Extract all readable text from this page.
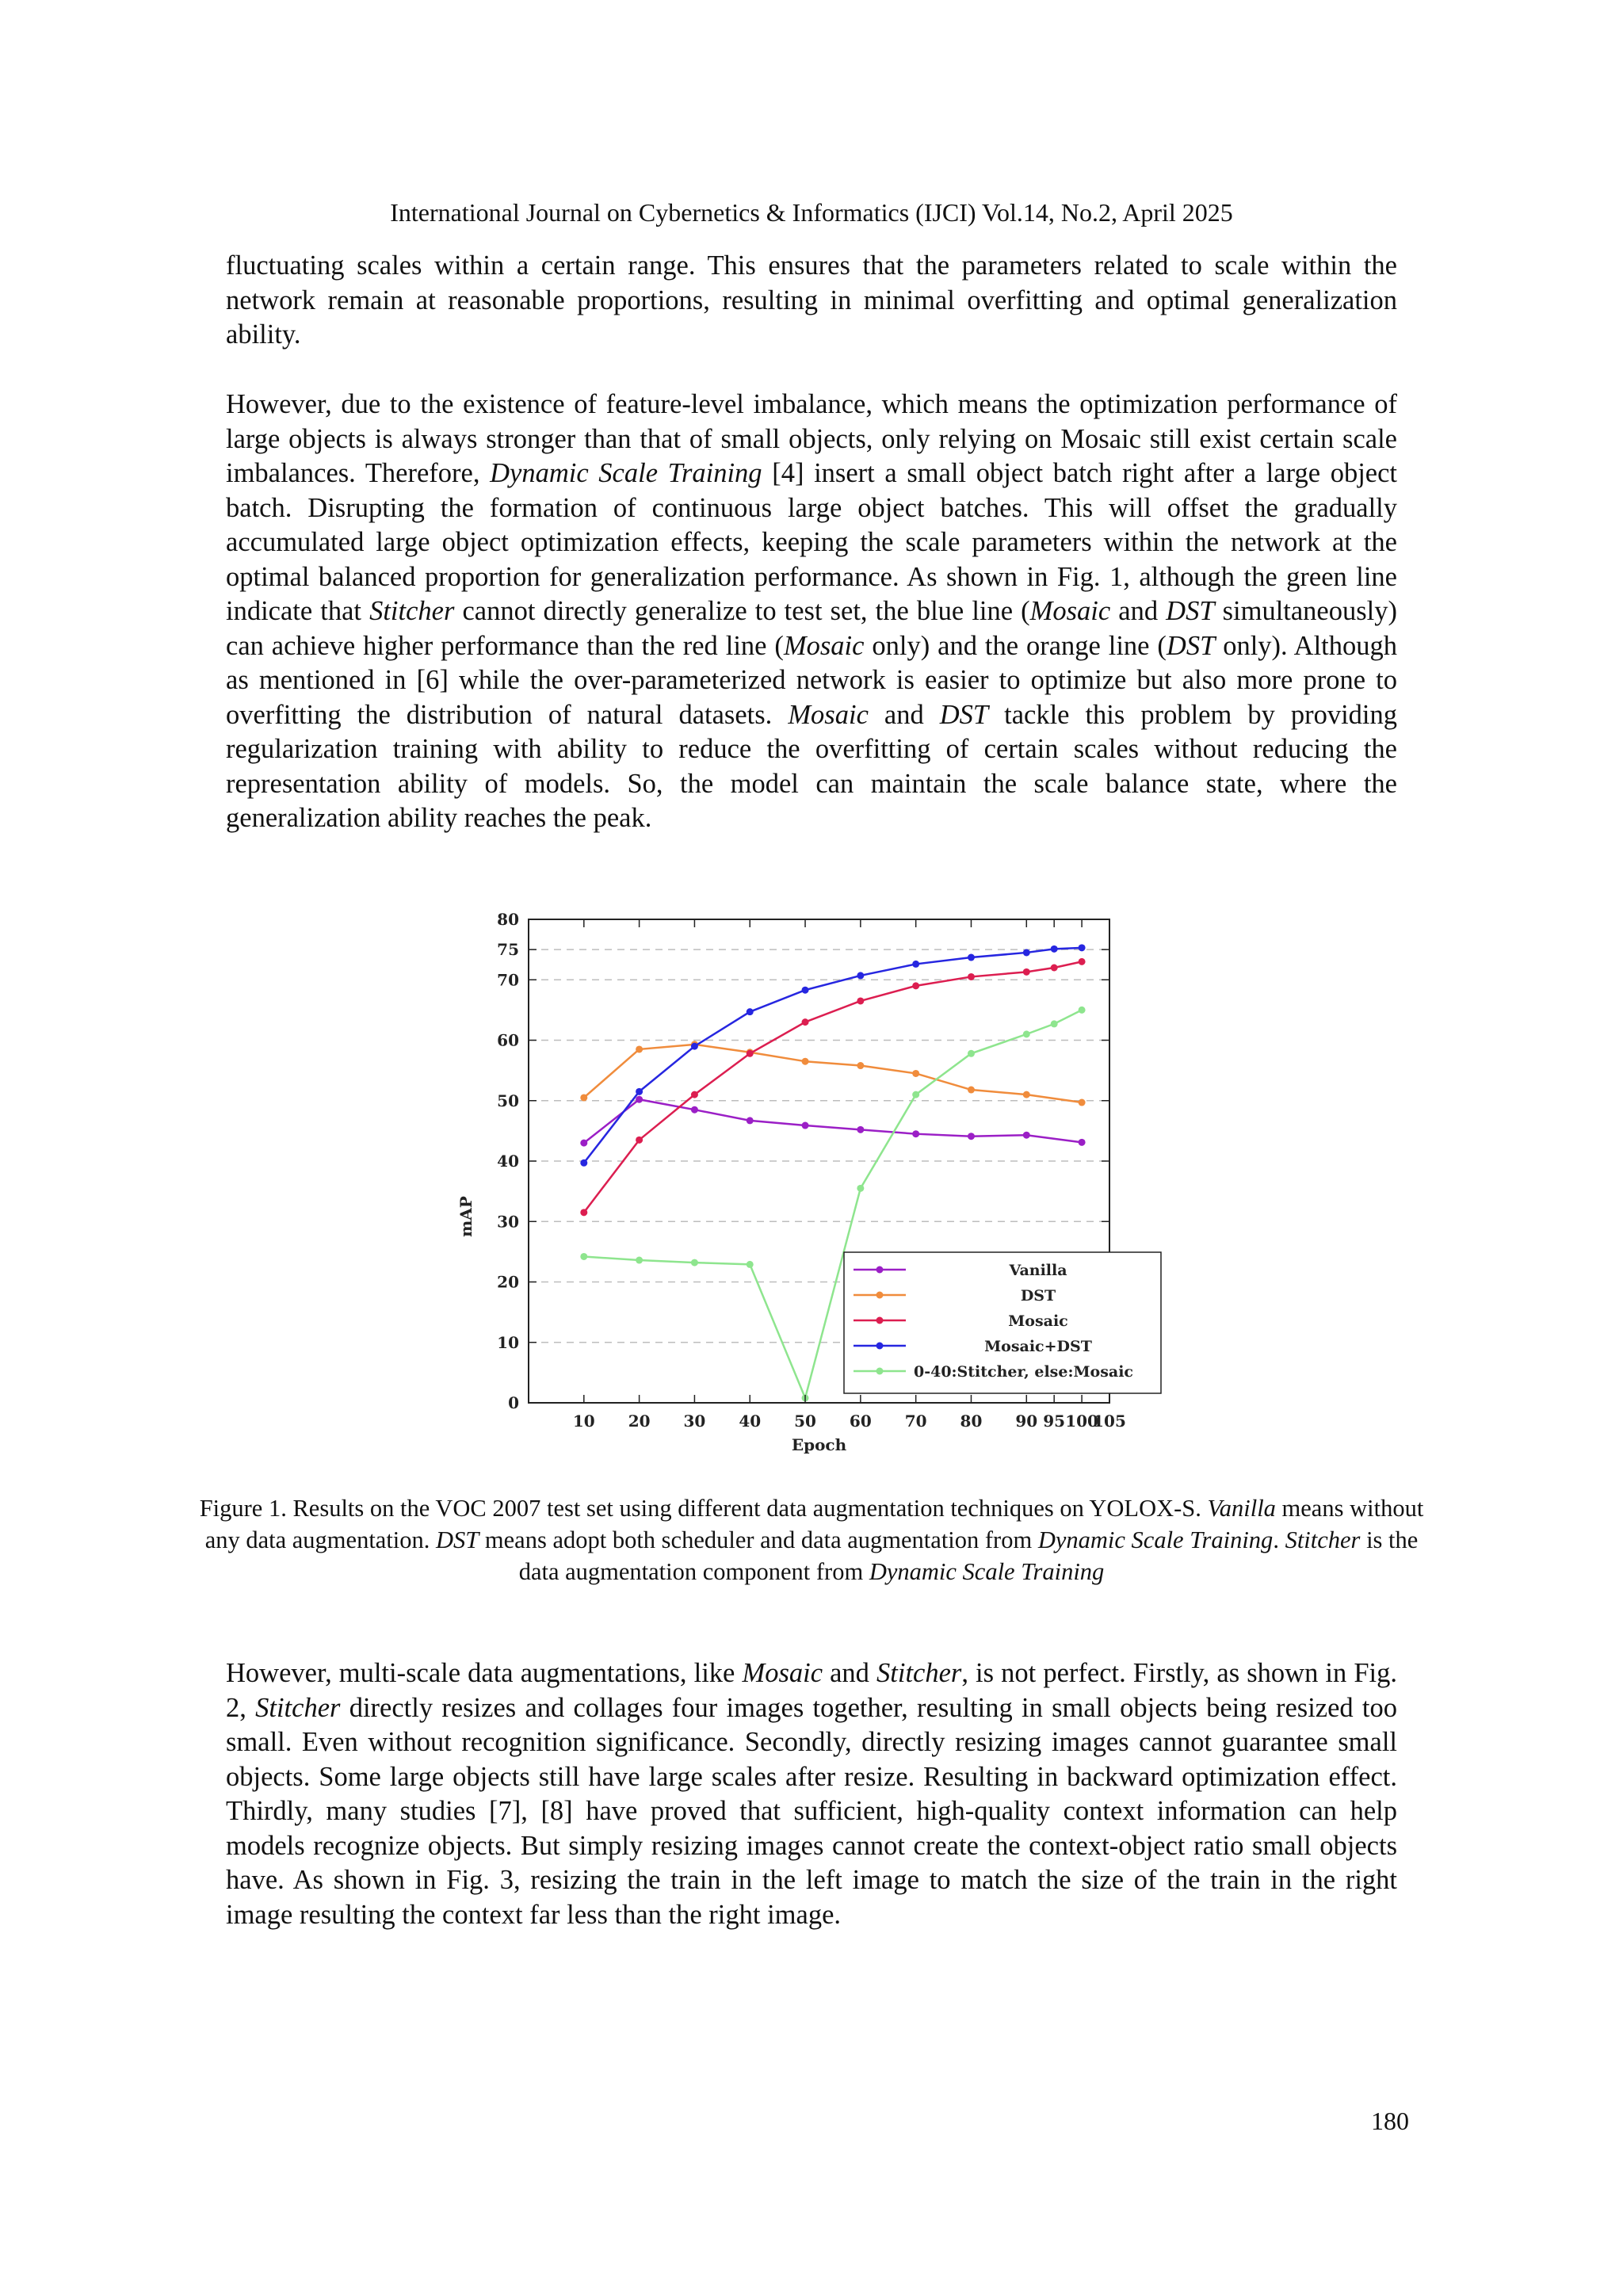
International Journal on Cybernetics & Informatics (IJCI) Vol.14, No.2, April 2025
fluctuating scales within a certain range. This ensures that the parameters related to scale within the network remain at reasonable proportions, resulting in minimal overfitting and optimal generalization ability.
However, due to the existence of feature-level imbalance, which means the optimization performance of large objects is always stronger than that of small objects, only relying on Mosaic still exist certain scale imbalances. Therefore, Dynamic Scale Training [4] insert a small object batch right after a large object batch. Disrupting the formation of continuous large object batches. This will offset the gradually accumulated large object optimization effects, keeping the scale parameters within the network at the optimal balanced proportion for generalization performance. As shown in Fig. 1, although the green line indicate that Stitcher cannot directly generalize to test set, the blue line (Mosaic and DST simultaneously) can achieve higher performance than the red line (Mosaic only) and the orange line (DST only). Although as mentioned in [6] while the over-parameterized network is easier to optimize but also more prone to overfitting the distribution of natural datasets. Mosaic and DST tackle this problem by providing regularization training with ability to reduce the overfitting of certain scales without reducing the representation ability of models. So, the model can maintain the scale balance state, where the generalization ability reaches the peak.
0
10
20
30
40
50
60
70
75
80
10 20 30 40 50 60 70 80 90 95 100
105
Epoch
mAP
Vanilla
DST
Mosaic
Mosaic+DST
0-40:Stitcher, else:Mosaic
Figure 1. Results on the VOC 2007 test set using different data augmentation techniques on YOLOX-S. Vanilla means without any data augmentation. DST means adopt both scheduler and data augmentation from Dynamic Scale Training. Stitcher is the data augmentation component from Dynamic Scale Training
However, multi-scale data augmentations, like Mosaic and Stitcher, is not perfect. Firstly, as shown in Fig. 2, Stitcher directly resizes and collages four images together, resulting in small objects being resized too small. Even without recognition significance. Secondly, directly resizing images cannot guarantee small objects. Some large objects still have large scales after resize. Resulting in backward optimization effect. Thirdly, many studies [7], [8] have proved that sufficient, high-quality context information can help models recognize objects. But simply resizing images cannot create the context-object ratio small objects have. As shown in Fig. 3, resizing the train in the left image to match the size of the train in the right image resulting the context far less than the right image.
180
